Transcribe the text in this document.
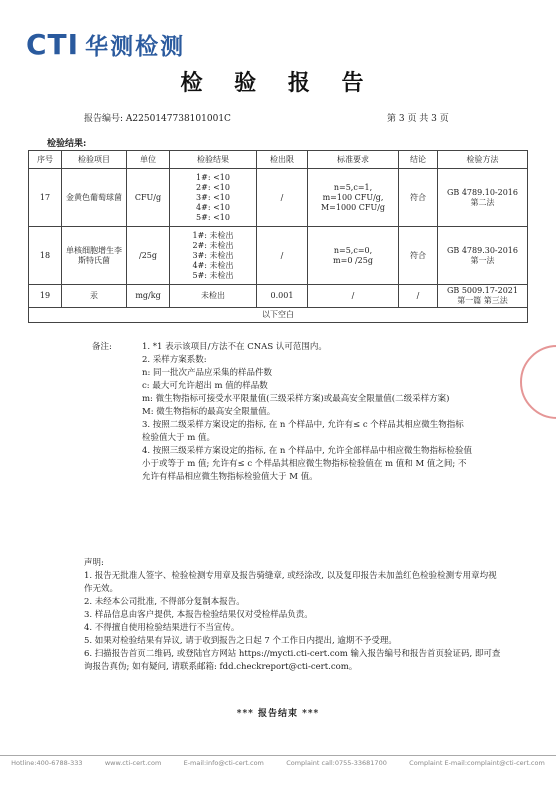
CTI 华测检测
检 验 报 告
报告编号: A2250147738101001C	第 3 页 共 3 页
检验结果:
序号	检验项目	单位	检验结果	检出限	标准要求	结论	检验方法
17	金黄色葡萄球菌	CFU/g	1#: <10
2#: <10
3#: <10
4#: <10
5#: <10	/	n=5,c=1,
m=100 CFU/g,
M=1000 CFU/g	符合	GB 4789.10-2016
第二法

18	单核细胞增生李斯特氏菌	/25g	1#: 未检出
2#: 未检出
3#: 未检出
4#: 未检出
5#: 未检出	/	n=5,c=0,
m=0 /25g	符合	GB 4789.30-2016
第一法

19	汞	mg/kg	未检出	0.001	/	/	GB 5009.17-2021
第一篇 第三法

以下空白							
备注:	1. *1 表示该项目/方法不在 CNAS 认可范围内。
2. 采样方案系数:
n: 同一批次产品应采集的样品件数
c: 最大可允许超出 m 值的样品数
m: 微生物指标可接受水平限量值(三级采样方案)或最高安全限量值(二级采样方案)
M: 微生物指标的最高安全限量值。
3. 按照二级采样方案设定的指标, 在 n 个样品中, 允许有≤ c 个样品其相应微生物指标检验值大于 m 值。
4. 按照三级采样方案设定的指标, 在 n 个样品中, 允许全部样品中相应微生物指标检验值小于或等于 m 值; 允许有≤ c 个样品其相应微生物指标检验值在 m 值和 M 值之间; 不允许有样品相应微生物指标检验值大于 M 值。
声明:
1. 报告无批准人签字、检验检测专用章及报告骑缝章, 或经涂改, 以及复印报告未加盖红色检验检测专用章均视作无效。
2. 未经本公司批准, 不得部分复制本报告。
3. 样品信息由客户提供, 本报告检验结果仅对受检样品负责。
4. 不得擅自使用检验结果进行不当宣传。
5. 如果对检验结果有异议, 请于收到报告之日起 7 个工作日内提出, 逾期不予受理。
6. 扫描报告首页二维码, 或登陆官方网站 https://mycti.cti-cert.com 输入报告编号和报告首页验证码, 即可查询报告真伪; 如有疑问, 请联系邮箱: fdd.checkreport@cti-cert.com。
*** 报告结束 ***
Hotline:400-6788-333	www.cti-cert.com	E-mail:info@cti-cert.com	Complaint call:0755-33681700	Complaint E-mail:complaint@cti-cert.com
